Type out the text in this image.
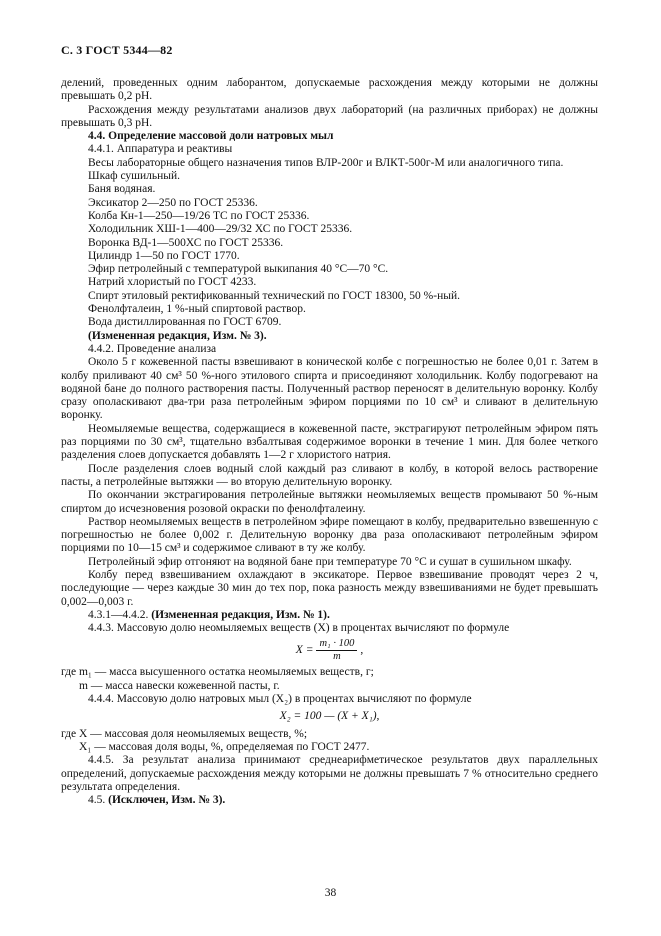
С. 3 ГОСТ 5344—82

делений, проведенных одним лаборантом, допускаемые расхождения между которыми не должны превышать 0,2 рН.

Расхождения между результатами анализов двух лабораторий (на различных приборах) не должны превышать 0,3 рН.

4.4. Определение массовой доли натровых мыл

4.4.1. Аппаратура и реактивы

Весы лабораторные общего назначения типов ВЛР-200г и ВЛКТ-500г-М или аналогичного типа.

Шкаф сушильный.

Баня водяная.

Эксикатор 2—250 по ГОСТ 25336.

Колба Кн-1—250—19/26 ТС по ГОСТ 25336.

Холодильник ХШ-1—400—29/32 ХС по ГОСТ 25336.

Воронка ВД-1—500ХС по ГОСТ 25336.

Цилиндр 1—50 по ГОСТ 1770.

Эфир петролейный с температурой выкипания 40 °С—70 °С.

Натрий хлористый по ГОСТ 4233.

Спирт этиловый ректификованный технический по ГОСТ 18300, 50 %-ный.

Фенолфталеин, 1 %-ный спиртовой раствор.

Вода дистиллированная по ГОСТ 6709.

(Измененная редакция, Изм. № 3).

4.4.2. Проведение анализа

Около 5 г кожевенной пасты взвешивают в конической колбе с погрешностью не более 0,01 г. Затем в колбу приливают 40 см³ 50 %-ного этилового спирта и присоединяют холодильник. Колбу подогревают на водяной бане до полного растворения пасты. Полученный раствор переносят в делительную воронку. Колбу сразу ополаскивают два-три раза петролейным эфиром порциями по 10 см³ и сливают в делительную воронку.

Неомыляемые вещества, содержащиеся в кожевенной пасте, экстрагируют петролейным эфиром пять раз порциями по 30 см³, тщательно взбалтывая содержимое воронки в течение 1 мин. Для более четкого разделения слоев допускается добавлять 1—2 г хлористого натрия.

После разделения слоев водный слой каждый раз сливают в колбу, в которой велось растворение пасты, а петролейные вытяжки — во вторую делительную воронку.

По окончании экстрагирования петролейные вытяжки неомыляемых веществ промывают 50 %-ным спиртом до исчезновения розовой окраски по фенолфталеину.

Раствор неомыляемых веществ в петролейном эфире помещают в колбу, предварительно взвешенную с погрешностью не более 0,002 г. Делительную воронку два раза ополаскивают петролейным эфиром порциями по 10—15 см³ и содержимое сливают в ту же колбу.

Петролейный эфир отгоняют на водяной бане при температуре 70 °С и сушат в сушильном шкафу.

Колбу перед взвешиванием охлаждают в эксикаторе. Первое взвешивание проводят через 2 ч, последующие — через каждые 30 мин до тех пор, пока разность между взвешиваниями не будет превышать 0,002—0,003 г.

4.3.1—4.4.2. (Измененная редакция, Изм. № 1).

4.4.3. Массовую долю неомыляемых веществ (X) в процентах вычисляют по формуле

$X = \frac{\text{m₁ · 100}}{m}$ ,

где m₁ — масса высушенного остатка неомыляемых веществ, г;

m — масса навески кожевенной пасты, г.

4.4.4. Массовую долю натровых мыл (X₂) в процентах вычисляют по формуле

X₂ = 100 — (X + X₁),

где X — массовая доля неомыляемых веществ, %;

X₁ — массовая доля воды, %, определяемая по ГОСТ 2477.

4.4.5. За результат анализа принимают среднеарифметическое результатов двух параллельных определений, допускаемые расхождения между которыми не должны превышать 7 % относительно среднего результата определения.

4.5. (Исключен, Изм. № 3).

38
